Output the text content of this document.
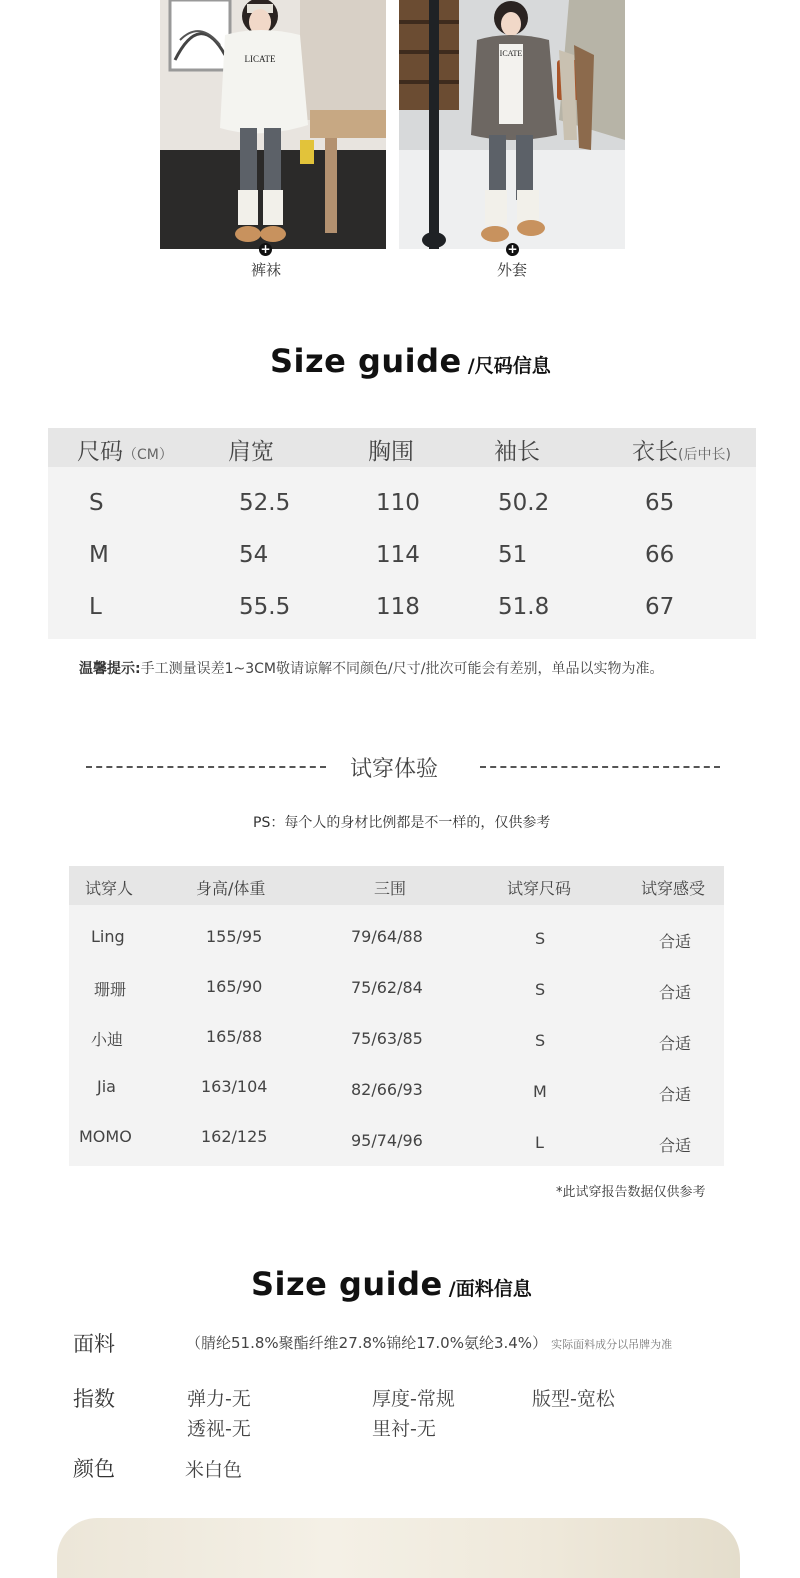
LICATE
+
裤袜
ICATE
+
外套
Size guide /尺码信息
尺码（CM） 肩宽	胸围	袖长	衣长(后中长)
S	52.5	110	50.2	65
M	54	114	51	66
L	55.5	118	51.8	67
温馨提示:手工测量误差1~3CM敬请谅解不同颜色/尺寸/批次可能会有差别，单品以实物为准。
试穿体验
PS：每个人的身材比例都是不一样的，仅供参考
试穿人	身高/体重	三围	试穿尺码	试穿感受
Ling	155/95	79/64/88	S	合适
珊珊	165/90	75/62/84	S	合适
小迪	165/88	75/63/85	S	合适
Jia	163/104	82/66/93	M	合适
MOMO	162/125	95/74/96	L	合适
*此试穿报告数据仅供参考
Size guide /面料信息
面料	（腈纶51.8%聚酯纤维27.8%锦纶17.0%氨纶3.4%） 实际面料成分以吊牌为准
指数	弹力-无	厚度-常规	版型-宽松
透视-无	里衬-无
颜色	米白色
